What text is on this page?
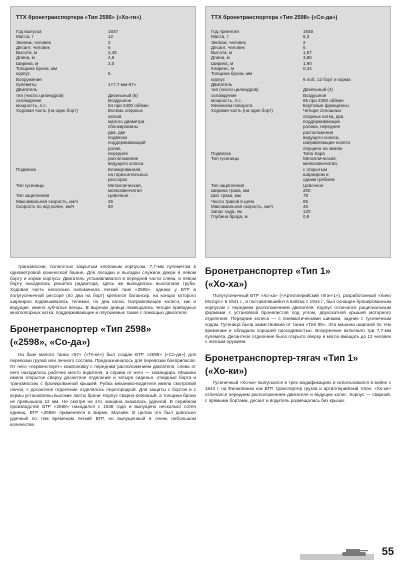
ТТХ бронетранспортера «Тип 2595» («Хо-ги»)
Год выпуска	1937
Масса, т	12
Экипаж, человек	2
Десант, человек	6
Высота, м	2,45
Длина, м	4,8
Ширина, м	2,0
Толщина брони, мм
корпус	6
Вооружение
пулеметы	1×7,7-мм-97»
Двигатель
тип (число цилиндров)	Дизельный (6)
охлаждение	Воздушное
мощность, л.с.	84 при 2400 об/мин
Ходовая часть (на один борт)	Восемь опорных
катков
малого диаметра
сблокированы
два, две
подвески
поддерживающий
ролик,
переднее
расположение
ведущего колеса
Подвеска	Блокированная,
на горизонтальных
рессорах
Тип гусеницы	Металлическая,
мелкозвенчатая
Тип зацепления	Цевочное
Максимальная скорость, км/ч	25
Скорость по ж/д колее, км/ч	50
ТТХ бронетранспортера «Тип 2598» («Со-да»)
Год принятия	1938
Масса, т	6,3
Экипаж, человек	2
Десант, человек	6
Высота, м	1,57
Длина, м	3,86
Ширина, м	1,90
Клиренс, м	0,34
Толщина брони, мм
корпус	6 лоб, 12 борт и корма
Двигатель
тип (число цилиндров)	Дизельный (4)
охлаждение	Воздушное
мощность, л.с.	65 при 2300 об/мин
Механизм поворота	Бортовые фрикционы
Ходовая часть (на один борт)	Четыре сплошных
опорных катка, два
поддерживающих
ролика, переднее
расположение
ведущего колеса,
направляющее колесо
опущено на землю
Подвеска	Типа Хара
Тип гусеницы	Металлическая,
мелкозвенчатая,
с открытым
шарниром и
одним гребнем
Тип зацепления	Цевочное
Ширина трака, мм	200
Шаг трака, мм	78
Число траков в цепи	85
Максимальная скорость, км/ч	45
Запас хода, км	120
Глубина брода, м	0,9

трансмиссии, полностью закрытым клепаным корпусом, 7,7-мм пулеметом в однометровой конической башне. Для посадки и высадки служили двери в левом борту и корме корпуса. Двигатель устанавливался в передней части слева, в левом борту находилась решетка радиатора, здесь же выводилась выхлопная труба. Ходовая часть несколько напоминала легкий танк «2595», однако у БТР в полугусеничной рессоре (по два на борт) крепился балансир, на концах которого шарнирно подвешивались тележки, по два катка. Направляющее колесо, как и ведущие, имело зубчатые венцы. В вырезах днища помещались четыре приводных многоопорных катка, поддерживающие и опускаемые также с помощью двигателя.

Бронетранспортер «Тип 2598»
(«2598», «Со-да»)

На базе малого танка «97» («Те-ке») был создан БТР «2598» («Со-да») для перевозки грузов или личного состава. Предназначалось для перевозки боеприпасов. От него «первенствует» компоновку с передним расположением двигателя, слева от него находилось рабочее место водителя, а справа от него — командира. Машина имела открытое сверху десантное отделение и четыре сиденья, откидные борта и трансмиссию с бронированной крышей. Рубка механика-водителя имела смотровой лючок, с десантное отделение отделялось перегородкой. Для защиты с бортов и с кормы установлены высокие листы брони. Корпус сварно-клепаный, а толщина брони не превышала 12 мм. Не смотря на это, машина оказалась удачной. В серийном производстве БТР «2598» находился с 1938 года и выпущено несколько сотен единиц. БТР «2598» применялся в Бирме, Малайе. В целом это был довольно удачный по тем временам легкий БТР, но выпущенный в очень небольшом количестве.

Бронетранспортер «Тип 1»
(«Хо-ха»)

Полугусеничный БТР «Хо-ха» («Артиллерийский тягач-1»), разработанный «Хино Моторс» в 1941 г., и поставлявшийся в войска с 1944 г., был оснащен бронированным корпусом с передним расположением двигателя. Корпус отличался рациональным формами с установкой бронелистов под углом, двухскатной крышей моторного отделения. Передние колеса — с пневматическими шинами, задние с гусеничным ходом. Гусеница была заимствована от танка «Тип 95». Эта машина широкой по тем временам и обладала хорошей проходимостью. Вооружение включало три 7,7-мм пулемета. Десантное отделение было открыто сверху и могло вмещать до 12 человек с личным оружием.

Бронетранспортер-тягач «Тип 1»
(«Хо-ки»)

Гусеничный «Хо-ки» выпускался в трех модификациях и использовался в войне с 1944 г. на Филиппинах как БТР, транспортер грузов и артиллерийский тягач. «Хо-ки» отличался передним расположением двигателя и ведущих колес. Корпус — сварной, с прямыми бортами, десант и водитель размещались без крыши.

55
